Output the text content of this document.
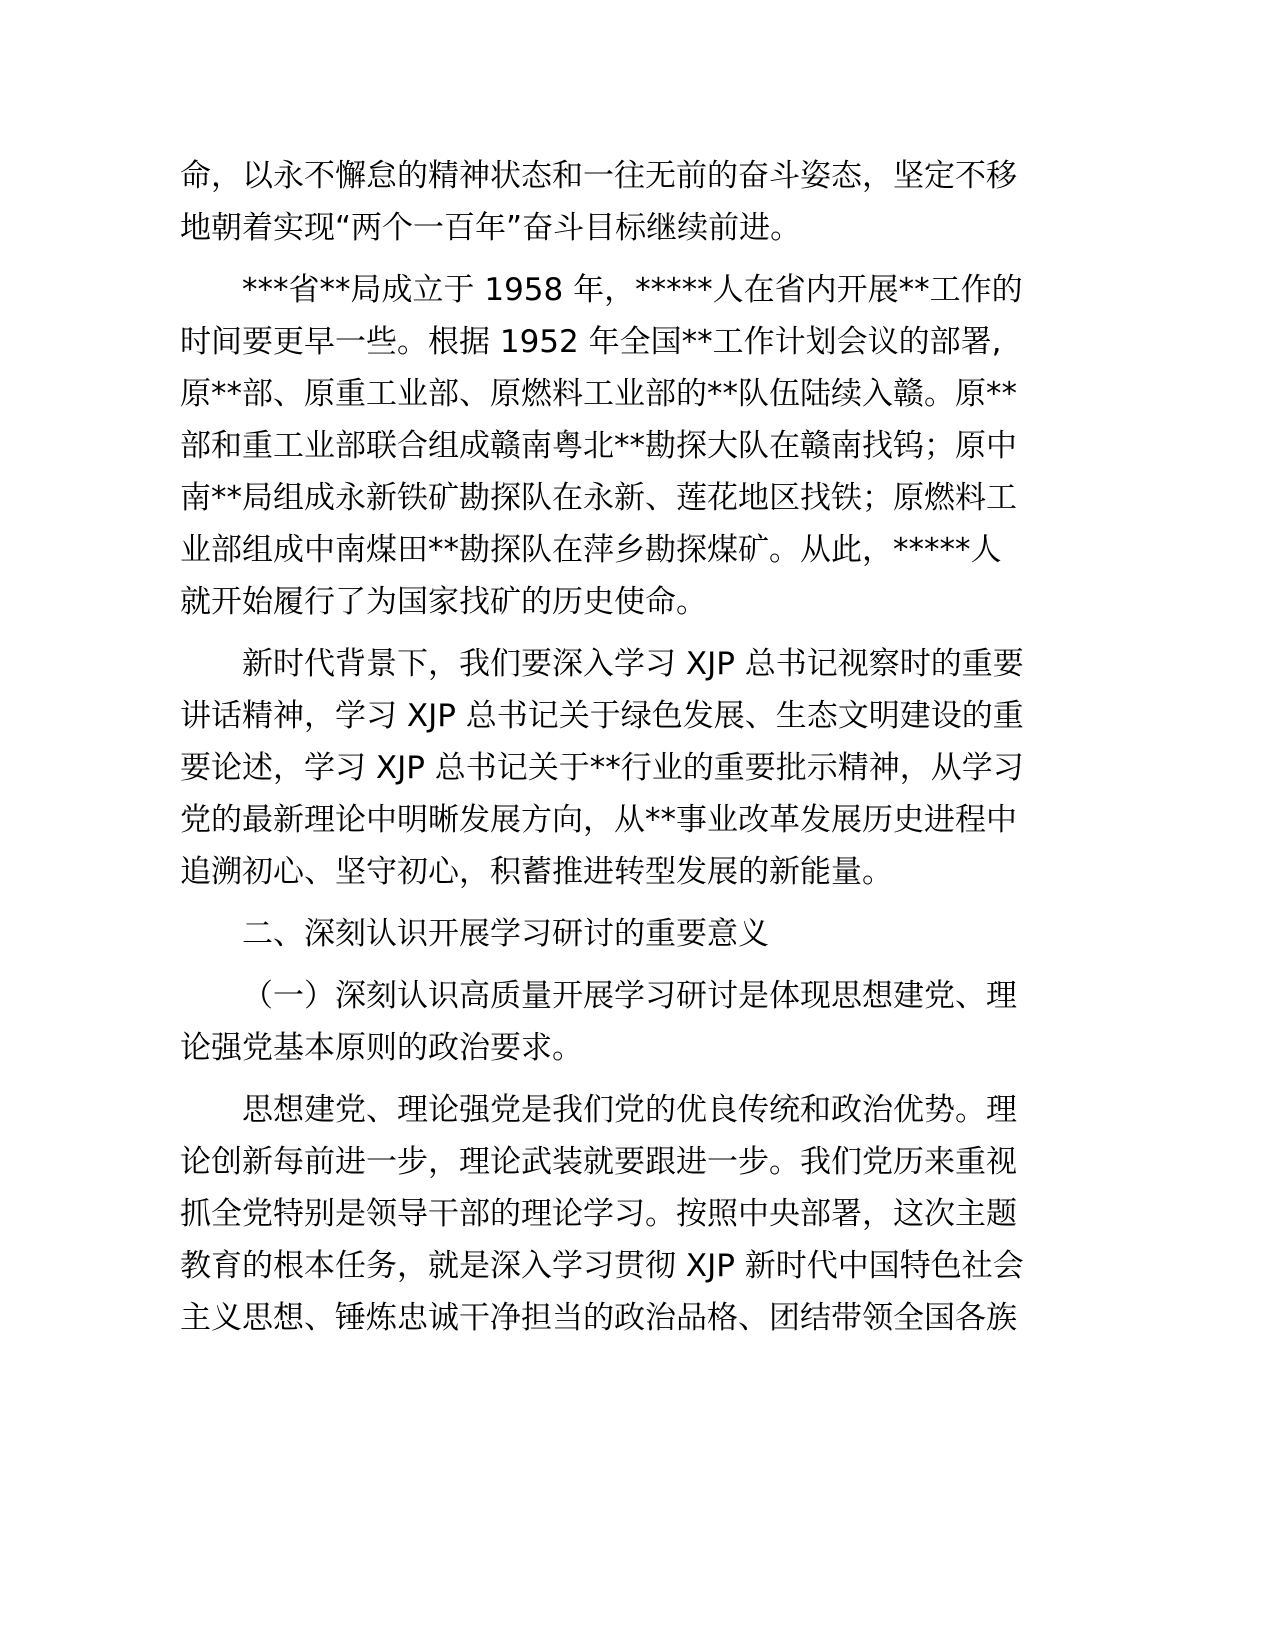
命，以永不懈怠的精神状态和一往无前的奋斗姿态，坚定不移
地朝着实现“两个一百年”奋斗目标继续前进。
***省**局成立于 1958 年，*****人在省内开展**工作的
时间要更早一些。根据 1952 年全国**工作计划会议的部署,
原**部、原重工业部、原燃料工业部的**队伍陆续入赣。原**
部和重工业部联合组成赣南粤北**勘探大队在赣南找钨；原中
南**局组成永新铁矿勘探队在永新、莲花地区找铁；原燃料工
业部组成中南煤田**勘探队在萍乡勘探煤矿。从此，*****人
就开始履行了为国家找矿的历史使命。
新时代背景下，我们要深入学习 XJP 总书记视察时的重要
讲话精神，学习 XJP 总书记关于绿色发展、生态文明建设的重
要论述，学习 XJP 总书记关于**行业的重要批示精神，从学习
党的最新理论中明晰发展方向，从**事业改革发展历史进程中
追溯初心、坚守初心，积蓄推进转型发展的新能量。
二、深刻认识开展学习研讨的重要意义
（一）深刻认识高质量开展学习研讨是体现思想建党、理
论强党基本原则的政治要求。
思想建党、理论强党是我们党的优良传统和政治优势。理
论创新每前进一步，理论武装就要跟进一步。我们党历来重视
抓全党特别是领导干部的理论学习。按照中央部署，这次主题
教育的根本任务，就是深入学习贯彻 XJP 新时代中国特色社会
主义思想、锤炼忠诚干净担当的政治品格、团结带领全国各族
